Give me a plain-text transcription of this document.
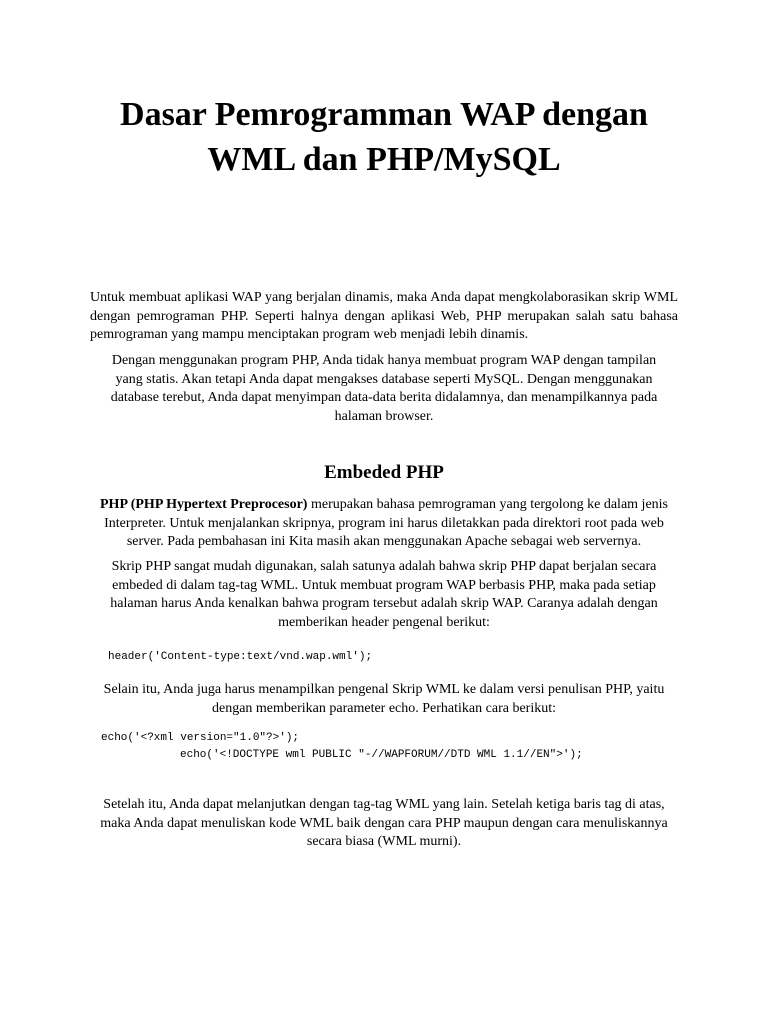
Dasar Pemrogramman WAP dengan
WML dan PHP/MySQL

Untuk membuat aplikasi WAP yang berjalan dinamis, maka Anda dapat mengkolaborasikan skrip WML dengan pemrograman PHP. Seperti halnya dengan aplikasi Web, PHP merupakan salah satu bahasa pemrograman yang mampu menciptakan program web menjadi lebih dinamis.

Dengan menggunakan program PHP, Anda tidak hanya membuat program WAP dengan tampilan yang statis. Akan tetapi Anda dapat mengakses database seperti MySQL. Dengan menggunakan database terebut, Anda dapat menyimpan data-data berita didalamnya, dan menampilkannya pada halaman browser.

Embeded PHP

PHP (PHP Hypertext Preprocesor) merupakan bahasa pemrograman yang tergolong ke dalam jenis Interpreter. Untuk menjalankan skripnya, program ini harus diletakkan pada direktori root pada web server. Pada pembahasan ini Kita masih akan menggunakan Apache sebagai web servernya.

Skrip PHP sangat mudah digunakan, salah satunya adalah bahwa skrip PHP dapat berjalan secara embeded di dalam tag-tag WML. Untuk membuat program WAP berbasis PHP, maka pada setiap halaman harus Anda kenalkan bahwa program tersebut adalah skrip WAP. Caranya adalah dengan memberikan header pengenal berikut:

header('Content-type:text/vnd.wap.wml');

Selain itu, Anda juga harus menampilkan pengenal Skrip WML ke dalam versi penulisan PHP, yaitu dengan memberikan parameter echo. Perhatikan cara berikut:

echo('<?xml version="1.0"?>');
echo('<!DOCTYPE wml PUBLIC "-//WAPFORUM//DTD WML 1.1//EN">');

Setelah itu, Anda dapat melanjutkan dengan tag-tag WML yang lain. Setelah ketiga baris tag di atas, maka Anda dapat menuliskan kode WML baik dengan cara PHP maupun dengan cara menuliskannya secara biasa (WML murni).
